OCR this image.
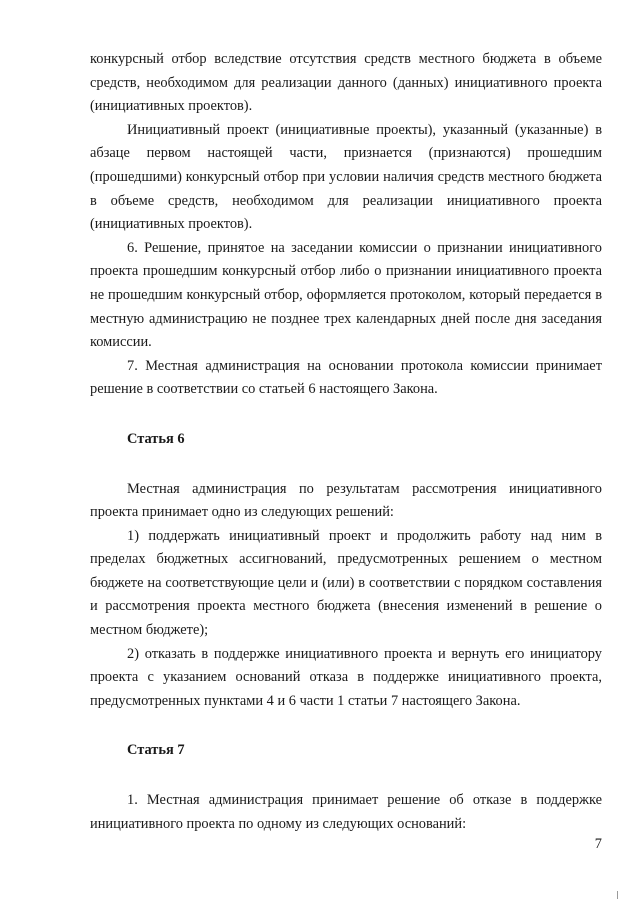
конкурсный отбор вследствие отсутствия средств местного бюджета в объеме средств, необходимом для реализации данного (данных) инициативного проекта (инициативных проектов).

Инициативный проект (инициативные проекты), указанный (указанные) в абзаце первом настоящей части, признается (признаются) прошедшим (прошедшими) конкурсный отбор при условии наличия средств местного бюджета в объеме средств, необходимом для реализации инициативного проекта (инициативных проектов).

6. Решение, принятое на заседании комиссии о признании инициативного проекта прошедшим конкурсный отбор либо о признании инициативного проекта не прошедшим конкурсный отбор, оформляется протоколом, который передается в местную администрацию не позднее трех календарных дней после дня заседания комиссии.

7. Местная администрация на основании протокола комиссии принимает решение в соответствии со статьей 6 настоящего Закона.

Статья 6

Местная администрация по результатам рассмотрения инициативного проекта принимает одно из следующих решений:

1) поддержать инициативный проект и продолжить работу над ним в пределах бюджетных ассигнований, предусмотренных решением о местном бюджете на соответствующие цели и (или) в соответствии с порядком составления и рассмотрения проекта местного бюджета (внесения изменений в решение о местном бюджете);

2) отказать в поддержке инициативного проекта и вернуть его инициатору проекта с указанием оснований отказа в поддержке инициативного проекта, предусмотренных пунктами 4 и 6 части 1 статьи 7 настоящего Закона.

Статья 7

1. Местная администрация принимает решение об отказе в поддержке инициативного проекта по одному из следующих оснований:

7
